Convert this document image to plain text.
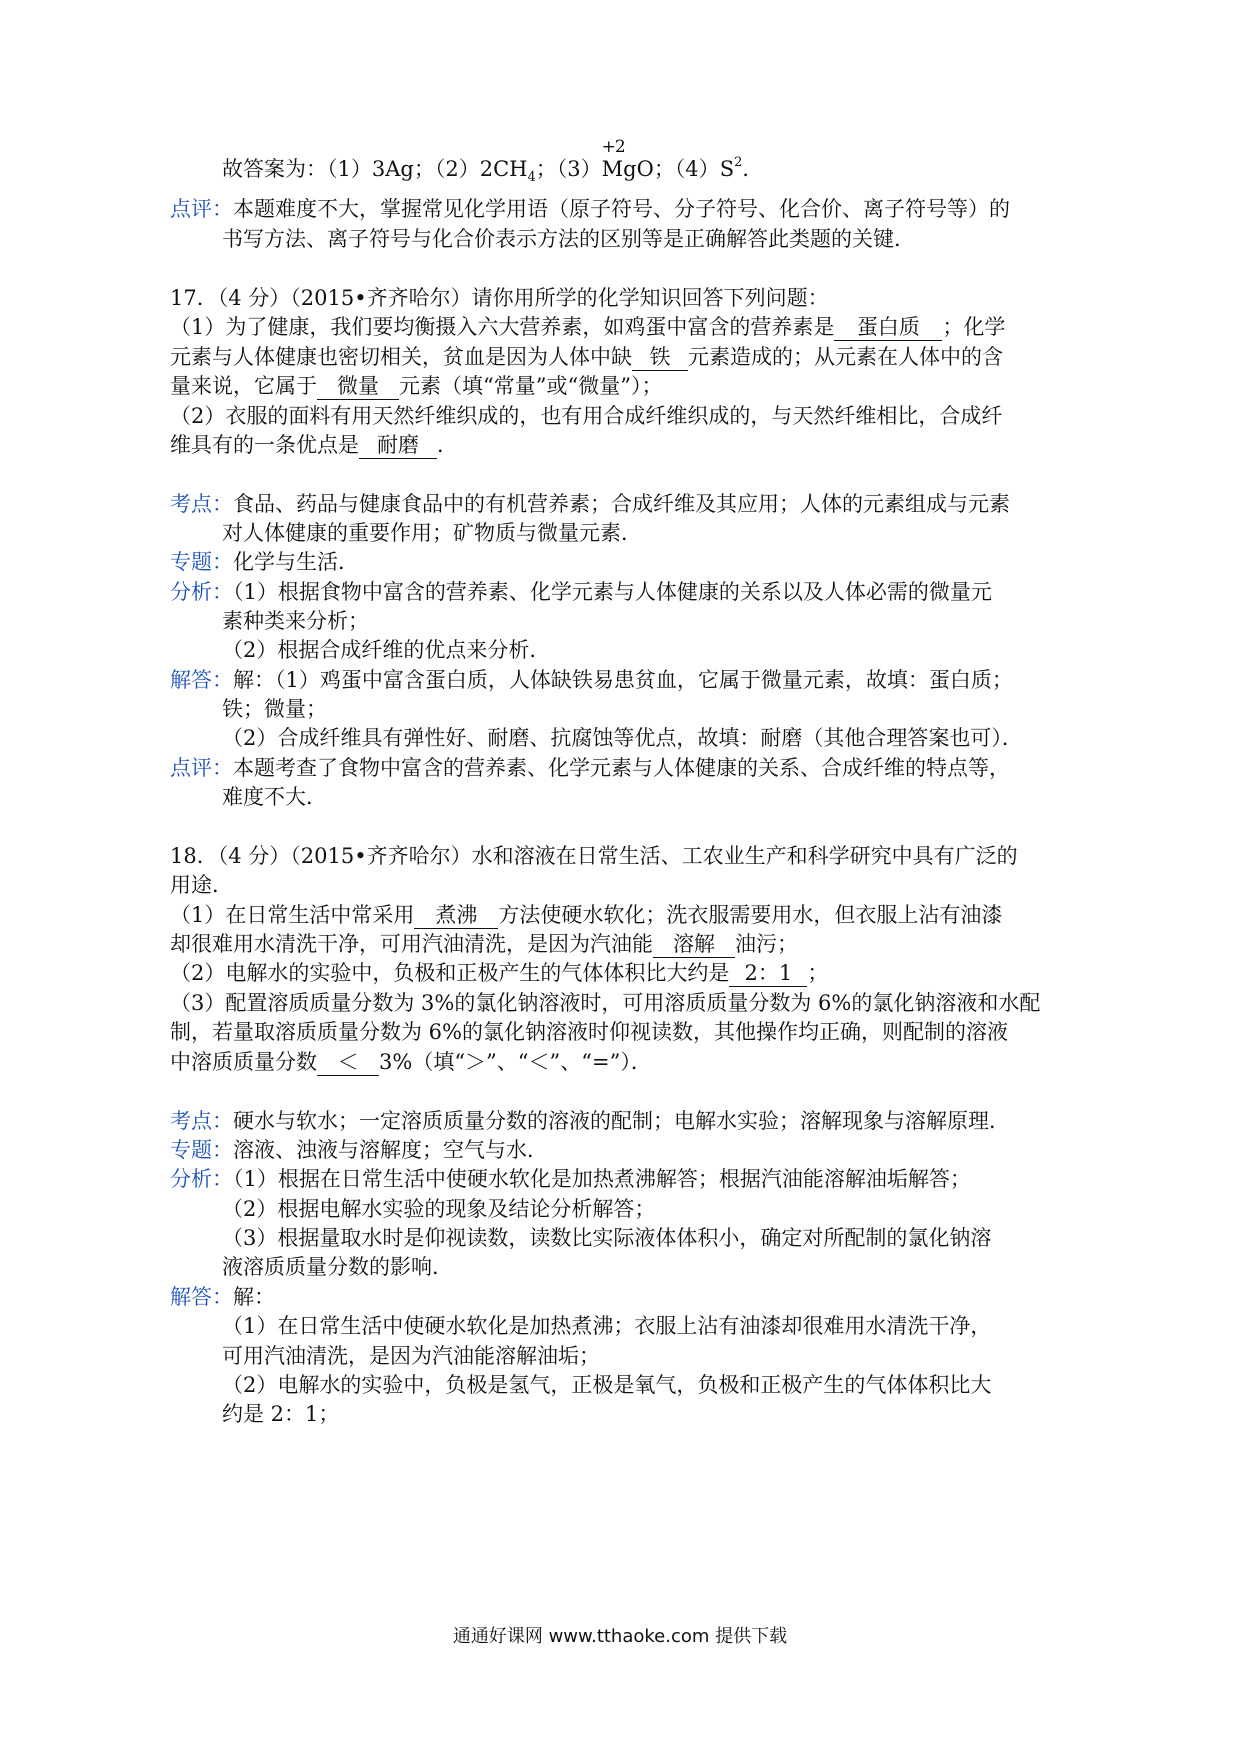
故答案为：（1）3Ag；$(2)2CH_4$；（3）
+2
MgO；$(4)S^2$．
点评：本题难度不大，掌握常见化学用语（原子符号、分子符号、化合价、离子符号等）的
书写方法、离子符号与化合价表示方法的区别等是正确解答此类题的关键．
17．（4 分）（2015•齐齐哈尔）请你用所学的化学知识回答下列问题：
（1）为了健康，我们要均衡摄入六大营养素，如鸡蛋中富含的营养素是 蛋白质 ；化学
元素与人体健康也密切相关，贫血是因为人体中缺 铁 元素造成的；从元素在人体中的含
量来说，它属于 微量 元素（填“常量”或“微量”）；
（2）衣服的面料有用天然纤维织成的，也有用合成纤维织成的，与天然纤维相比，合成纤
维具有的一条优点是 耐磨 ．
考点：食品、药品与健康食品中的有机营养素；合成纤维及其应用；人体的元素组成与元素
对人体健康的重要作用；矿物质与微量元素．
专题：化学与生活．
分析：（1）根据食物中富含的营养素、化学元素与人体健康的关系以及人体必需的微量元
素种类来分析；
（2）根据合成纤维的优点来分析．
解答：解：（1）鸡蛋中富含蛋白质，人体缺铁易患贫血，它属于微量元素，故填：蛋白质；
铁；微量；
（2）合成纤维具有弹性好、耐磨、抗腐蚀等优点，故填：耐磨（其他合理答案也可）．
点评：本题考查了食物中富含的营养素、化学元素与人体健康的关系、合成纤维的特点等，
难度不大．
18．（4 分）（2015•齐齐哈尔）水和溶液在日常生活、工农业生产和科学研究中具有广泛的
用途．
（1）在日常生活中常采用 煮沸 方法使硬水软化；洗衣服需要用水，但衣服上沾有油漆
却很难用水清洗干净，可用汽油清洗，是因为汽油能 溶解 油污；
（2）电解水的实验中，负极和正极产生的气体体积比大约是 2：1 ；
（3）配置溶质质量分数为 3%的氯化钠溶液时，可用溶质质量分数为 6%的氯化钠溶液和水配
制，若量取溶质质量分数为 6%的氯化钠溶液时仰视读数，其他操作均正确，则配制的溶液
中溶质质量分数 ＜ 3%（填“＞”、“＜”、“=”）．
考点：硬水与软水；一定溶质质量分数的溶液的配制；电解水实验；溶解现象与溶解原理．
专题：溶液、浊液与溶解度；空气与水．
分析：（1）根据在日常生活中使硬水软化是加热煮沸解答；根据汽油能溶解油垢解答；
（2）根据电解水实验的现象及结论分析解答；
（3）根据量取水时是仰视读数，读数比实际液体体积小，确定对所配制的氯化钠溶
液溶质质量分数的影响．
解答：解：
（1）在日常生活中使硬水软化是加热煮沸；衣服上沾有油漆却很难用水清洗干净，
可用汽油清洗，是因为汽油能溶解油垢；
（2）电解水的实验中，负极是氢气，正极是氧气，负极和正极产生的气体体积比大
约是 2：1；
通通好课网 www.tthaoke.com 提供下载
